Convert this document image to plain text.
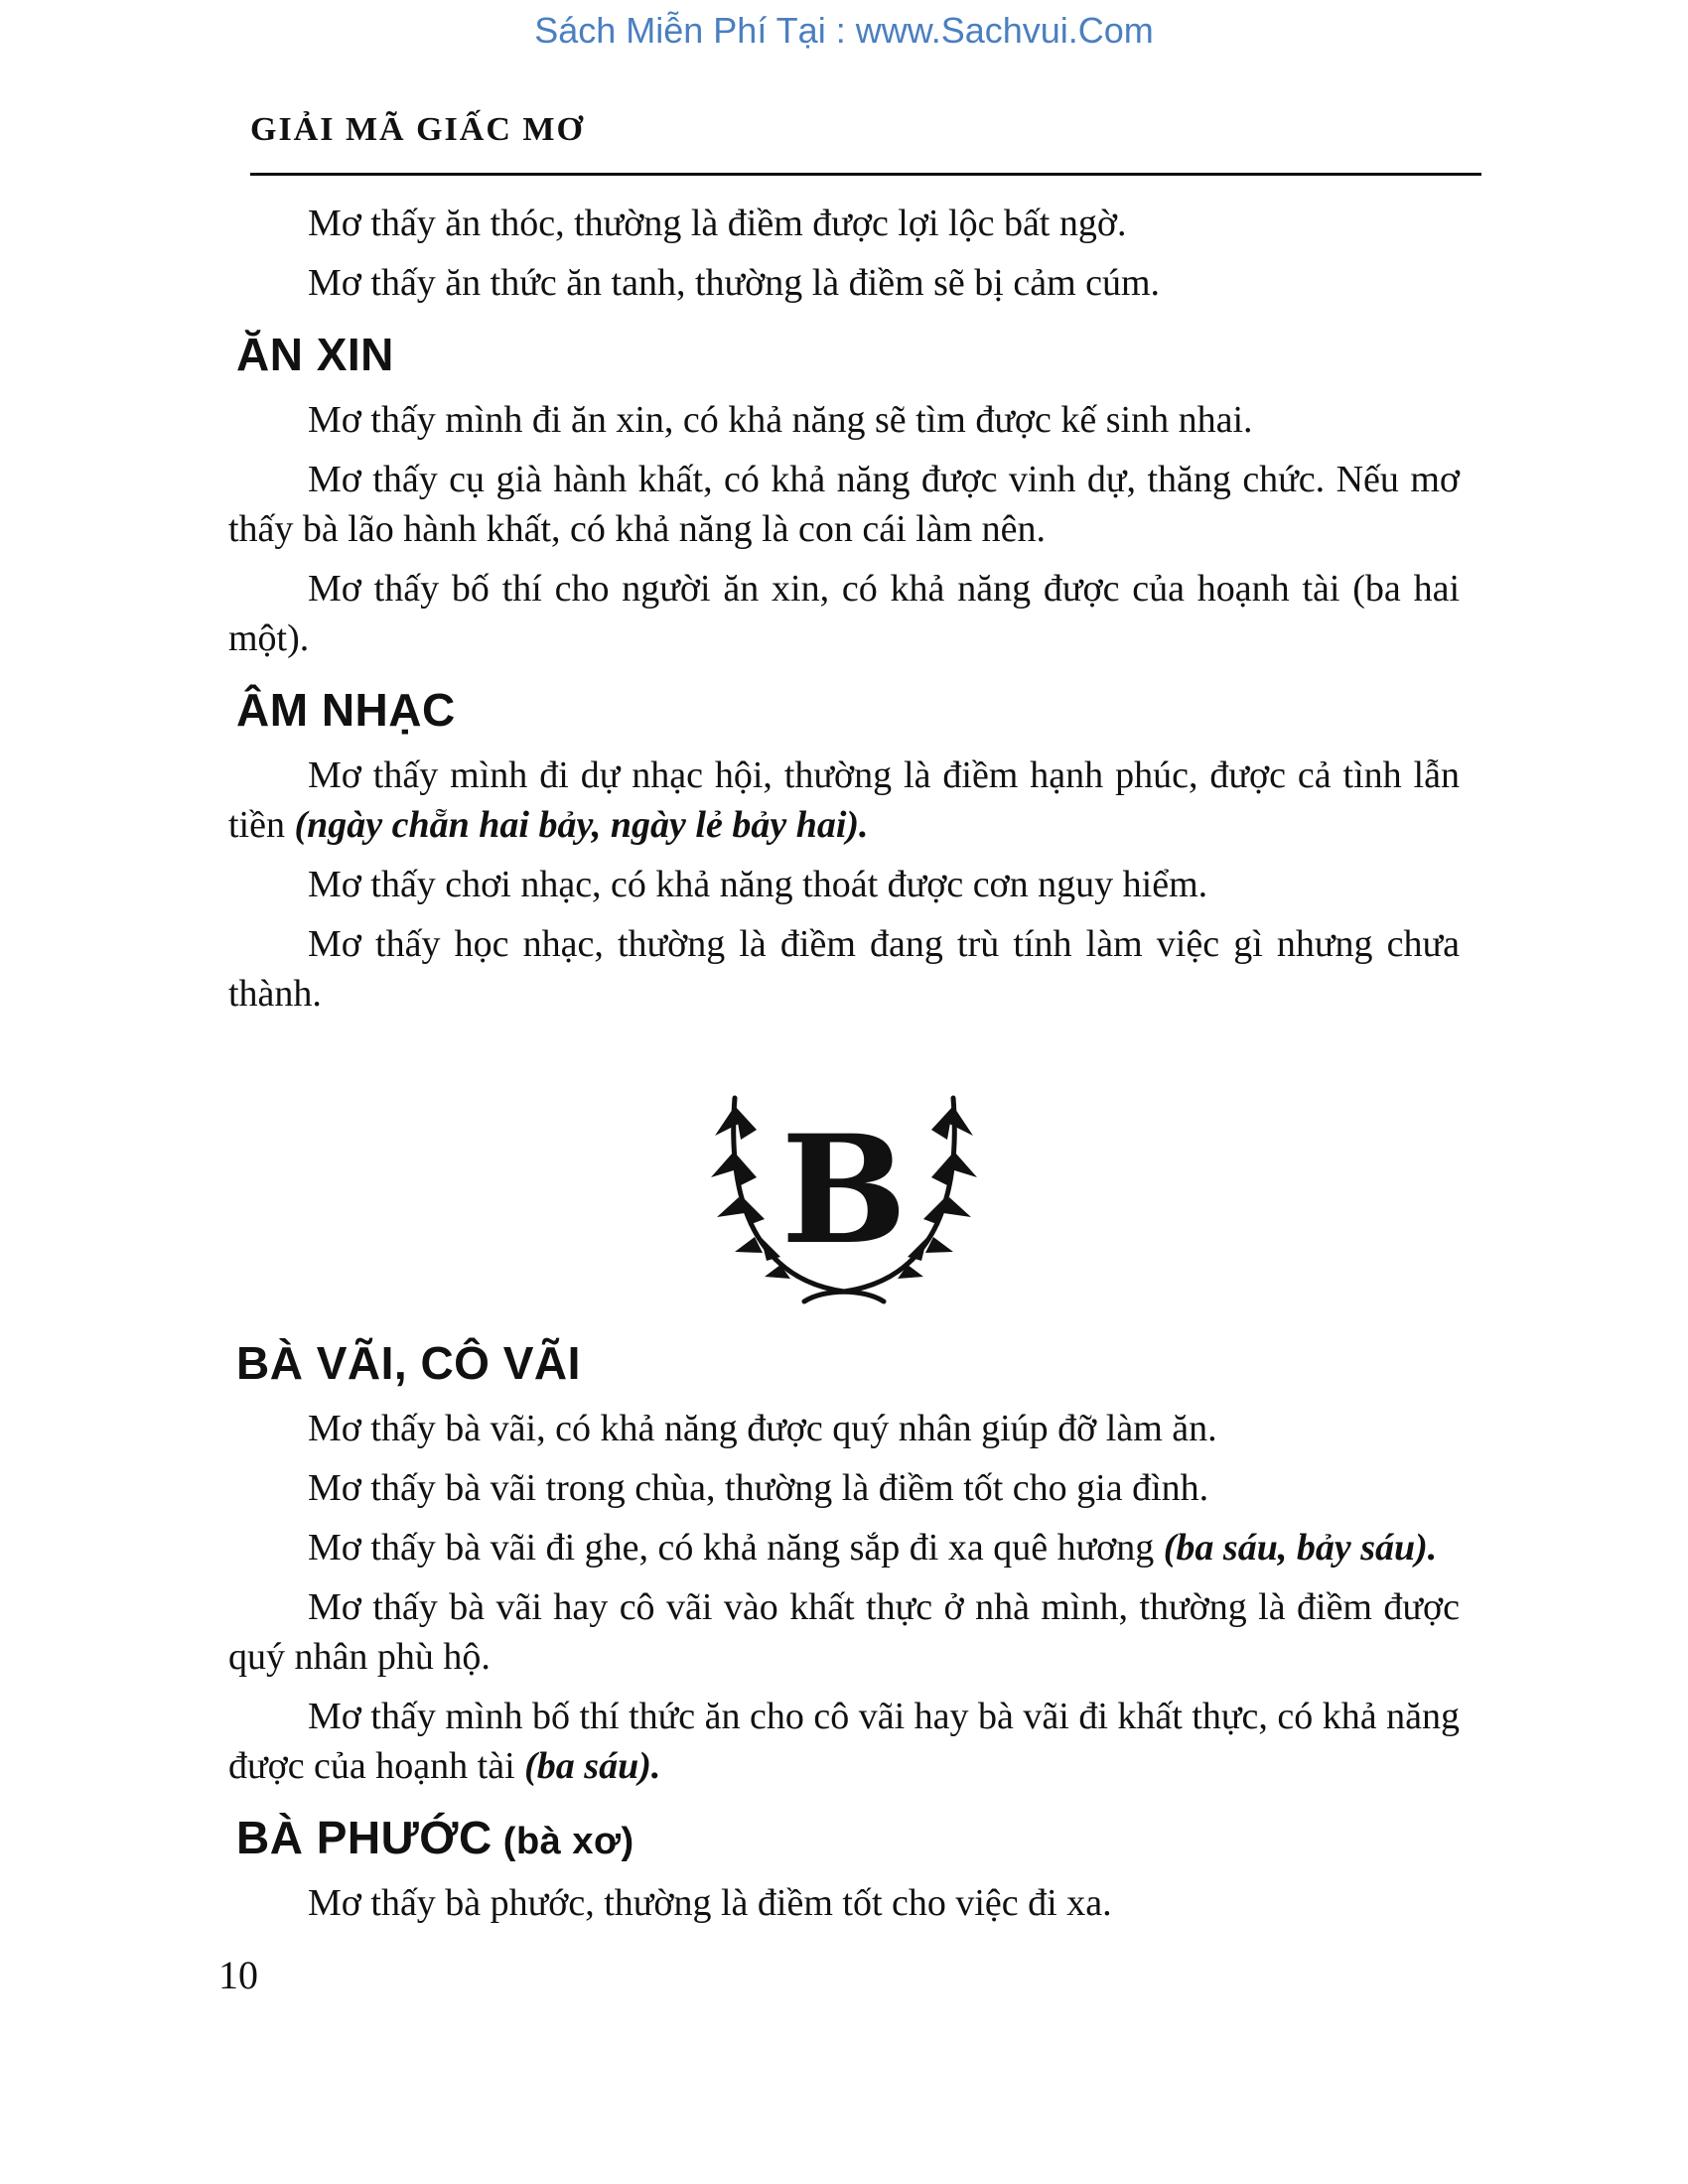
Sách Miễn Phí Tại : www.Sachvui.Com
GIẢI MÃ GIẤC MƠ

Mơ thấy ăn thóc, thường là điềm được lợi lộc bất ngờ.

Mơ thấy ăn thức ăn tanh, thường là điềm sẽ bị cảm cúm.

ĂN XIN

Mơ thấy mình đi ăn xin, có khả năng sẽ tìm được kế sinh nhai.

Mơ thấy cụ già hành khất, có khả năng được vinh dự, thăng chức. Nếu mơ thấy bà lão hành khất, có khả năng là con cái làm nên.

Mơ thấy bố thí cho người ăn xin, có khả năng được của hoạnh tài (ba hai một).

ÂM NHẠC

Mơ thấy mình đi dự nhạc hội, thường là điềm hạnh phúc, được cả tình lẫn tiền (ngày chẵn hai bảy, ngày lẻ bảy hai).

Mơ thấy chơi nhạc, có khả năng thoát được cơn nguy hiểm.

Mơ thấy học nhạc, thường là điềm đang trù tính làm việc gì nhưng chưa thành.

B
BÀ VÃI, CÔ VÃI

Mơ thấy bà vãi, có khả năng được quý nhân giúp đỡ làm ăn.

Mơ thấy bà vãi trong chùa, thường là điềm tốt cho gia đình.

Mơ thấy bà vãi đi ghe, có khả năng sắp đi xa quê hương (ba sáu, bảy sáu).

Mơ thấy bà vãi hay cô vãi vào khất thực ở nhà mình, thường là điềm được quý nhân phù hộ.

Mơ thấy mình bố thí thức ăn cho cô vãi hay bà vãi đi khất thực, có khả năng được của hoạnh tài (ba sáu).

BÀ PHƯỚC (bà xơ)

Mơ thấy bà phước, thường là điềm tốt cho việc đi xa.

10
